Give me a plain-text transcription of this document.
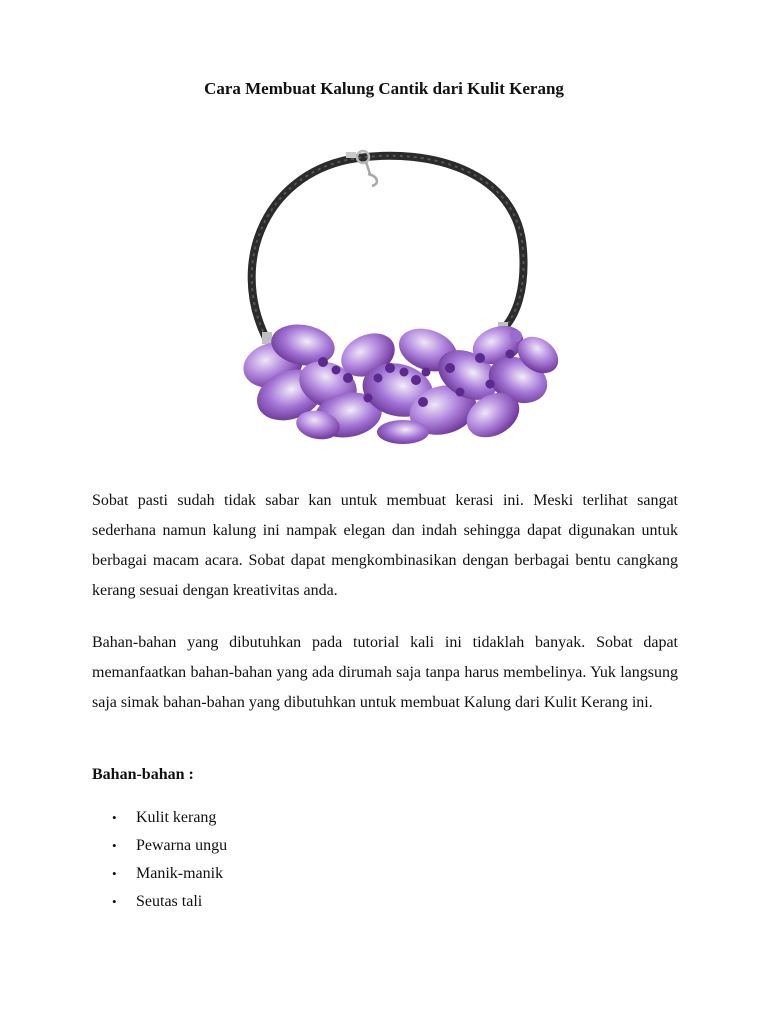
Cara Membuat Kalung Cantik dari Kulit Kerang

Sobat pasti sudah tidak sabar kan untuk membuat kerasi ini. Meski terlihat sangat sederhana namun kalung ini nampak elegan dan indah sehingga dapat digunakan untuk berbagai macam acara. Sobat dapat mengkombinasikan dengan berbagai bentu cangkang kerang sesuai dengan kreativitas anda.

Bahan-bahan yang dibutuhkan pada tutorial kali ini tidaklah banyak. Sobat dapat memanfaatkan bahan-bahan yang ada dirumah saja tanpa harus membelinya. Yuk langsung saja simak bahan-bahan yang dibutuhkan untuk membuat Kalung dari Kulit Kerang ini.

Bahan-bahan :

• Kulit kerang
• Pewarna ungu
• Manik-manik
• Seutas tali
